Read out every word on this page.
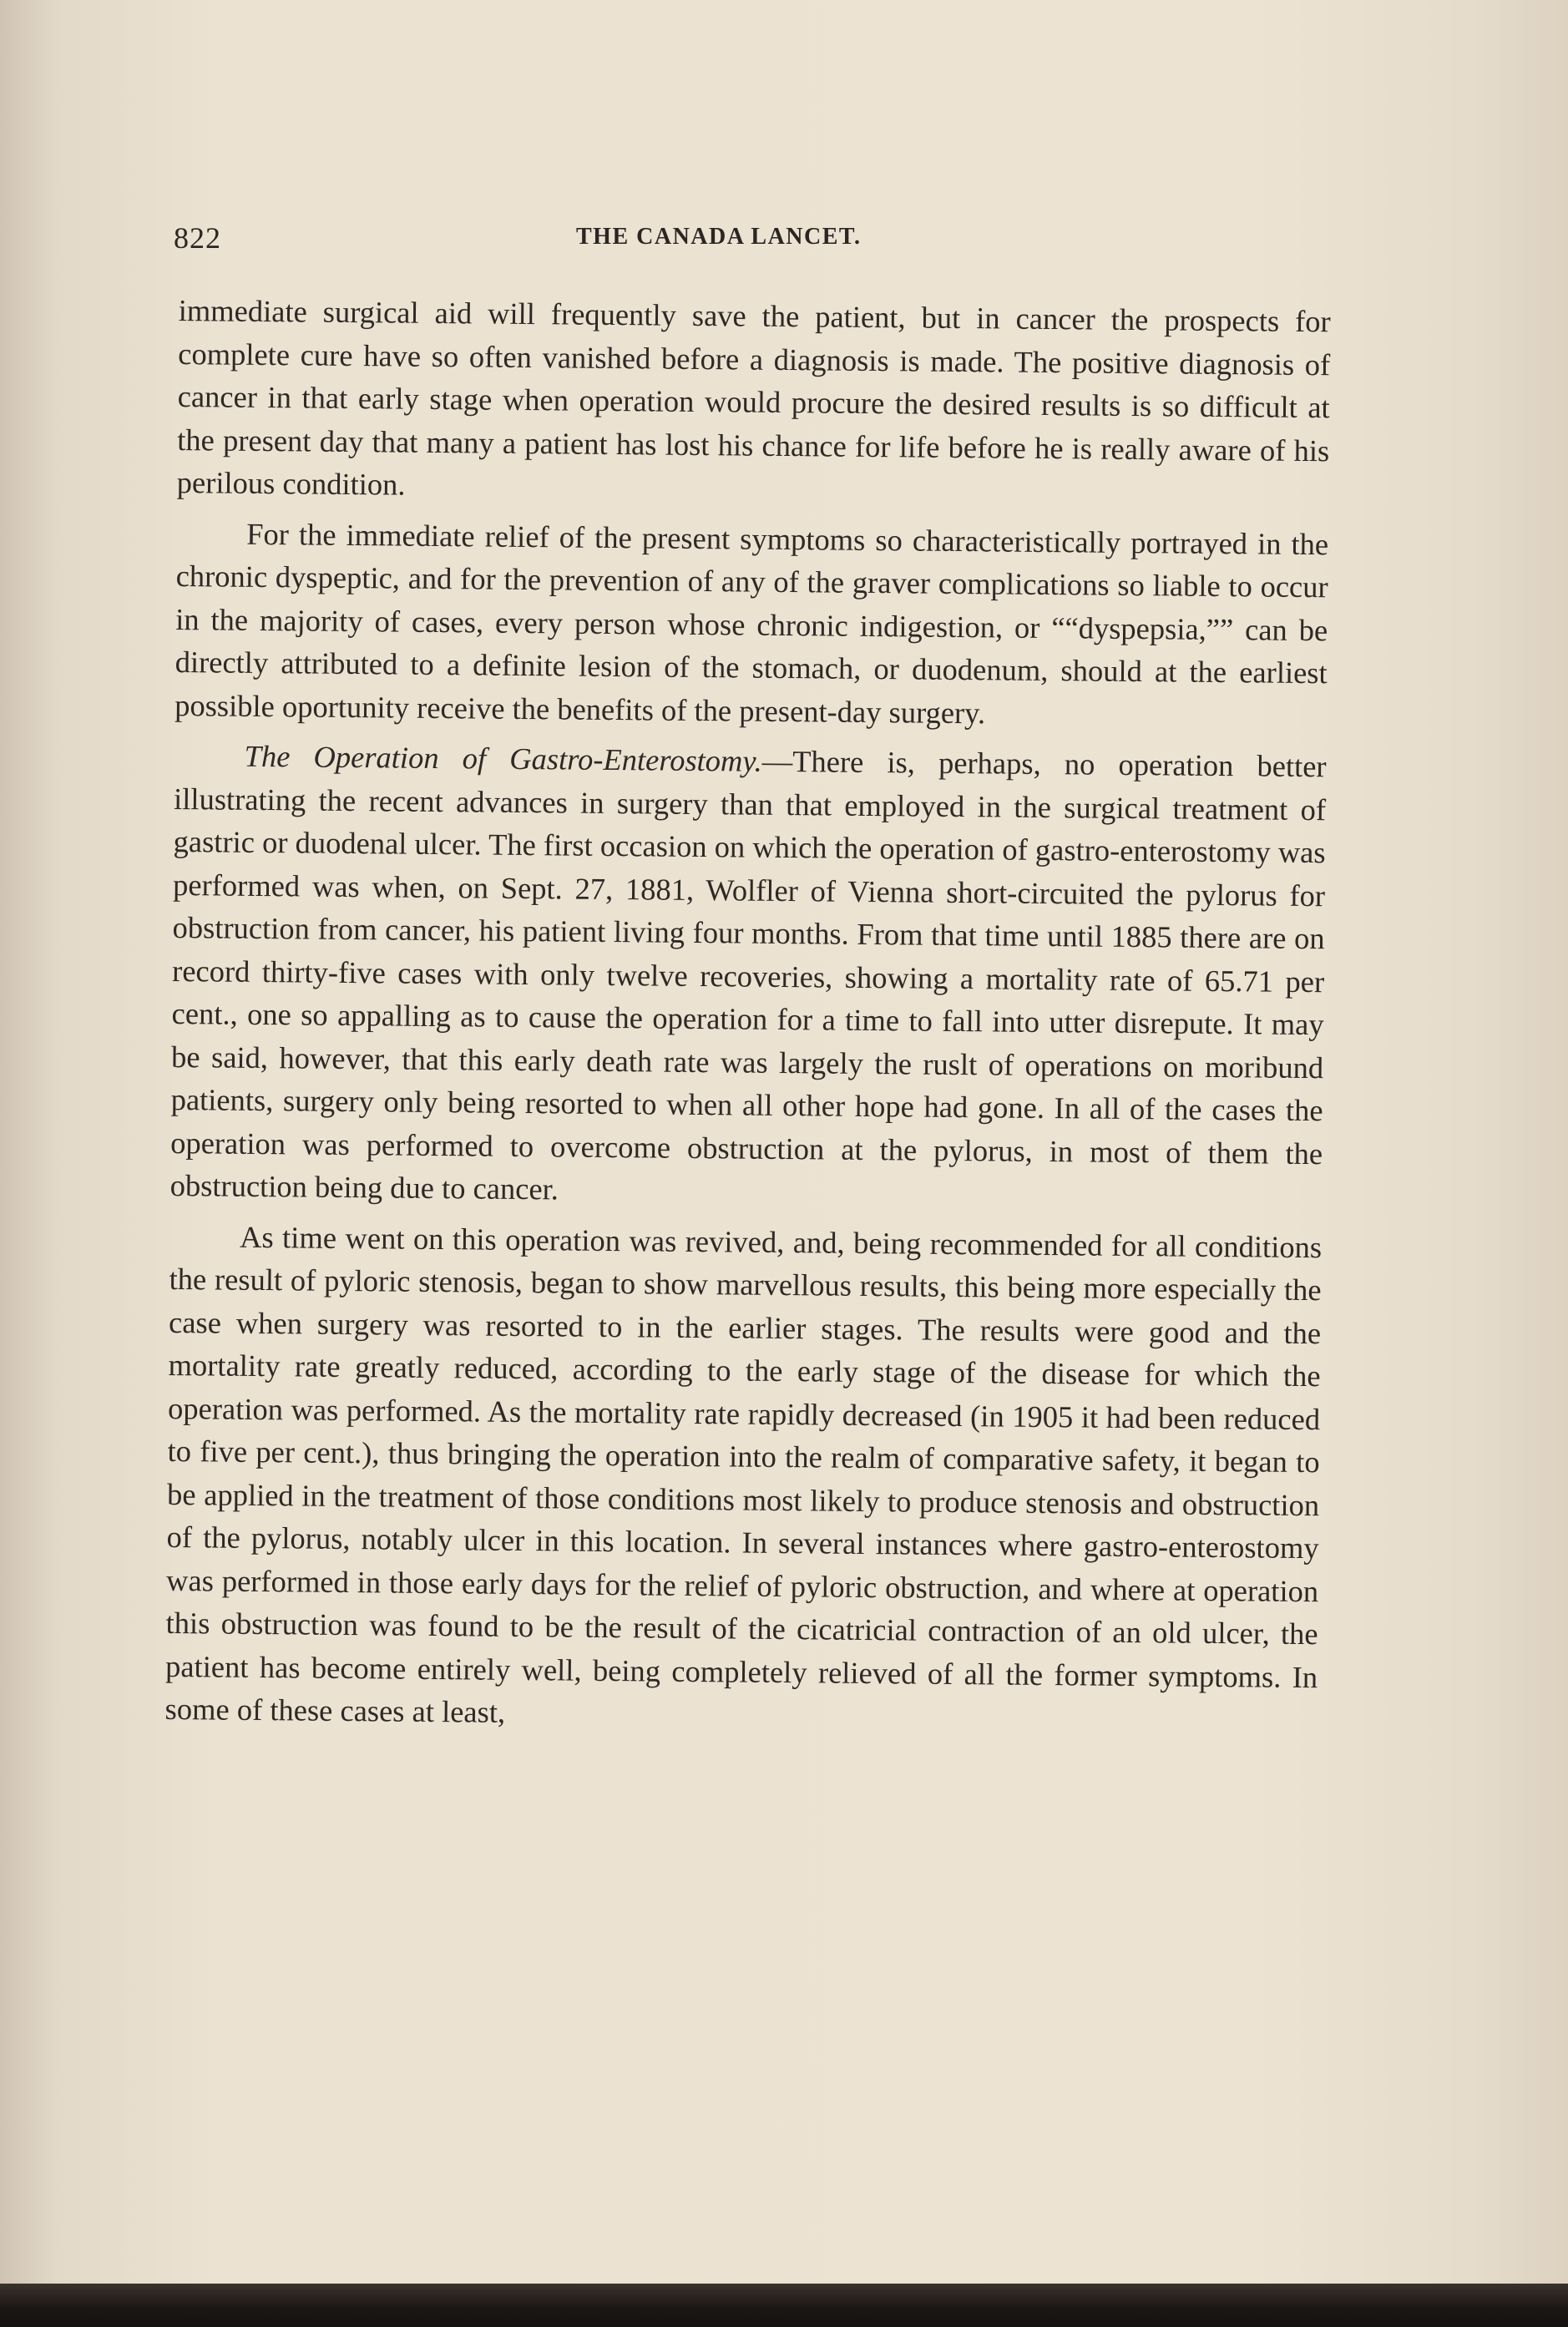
822	THE CANADA LANCET.

immediate surgical aid will frequently save the patient, but in cancer the prospects for complete cure have so often vanished before a diagnosis is made. The positive diagnosis of cancer in that early stage when operation would procure the desired results is so difficult at the present day that many a patient has lost his chance for life before he is really aware of his perilous condition.

For the immediate relief of the present symptoms so characteristically portrayed in the chronic dyspeptic, and for the prevention of any of the graver complications so liable to occur in the majority of cases, every person whose chronic indigestion, or ““dyspepsia,”” can be directly attributed to a definite lesion of the stomach, or duodenum, should at the earliest possible oportunity receive the benefits of the present-day surgery.

The Operation of Gastro-Enterostomy.—There is, perhaps, no operation better illustrating the recent advances in surgery than that employed in the surgical treatment of gastric or duodenal ulcer. The first occasion on which the operation of gastro-enterostomy was performed was when, on Sept. 27, 1881, Wolfler of Vienna short-circuited the pylorus for obstruction from cancer, his patient living four months. From that time until 1885 there are on record thirty-five cases with only twelve recoveries, showing a mortality rate of 65.71 per cent., one so appalling as to cause the operation for a time to fall into utter disrepute. It may be said, however, that this early death rate was largely the ruslt of operations on moribund patients, surgery only being resorted to when all other hope had gone. In all of the cases the operation was performed to overcome obstruction at the pylorus, in most of them the obstruction being due to cancer.

As time went on this operation was revived, and, being recommended for all conditions the result of pyloric stenosis, began to show marvellous results, this being more especially the case when surgery was resorted to in the earlier stages. The results were good and the mortality rate greatly reduced, according to the early stage of the disease for which the operation was performed. As the mortality rate rapidly decreased (in 1905 it had been reduced to five per cent.), thus bringing the operation into the realm of comparative safety, it began to be applied in the treatment of those conditions most likely to produce stenosis and obstruction of the pylorus, notably ulcer in this location. In several instances where gastro-enterostomy was performed in those early days for the relief of pyloric obstruction, and where at operation this obstruction was found to be the result of the cicatricial contraction of an old ulcer, the patient has become entirely well, being completely relieved of all the former symptoms. In some of these cases at least,
